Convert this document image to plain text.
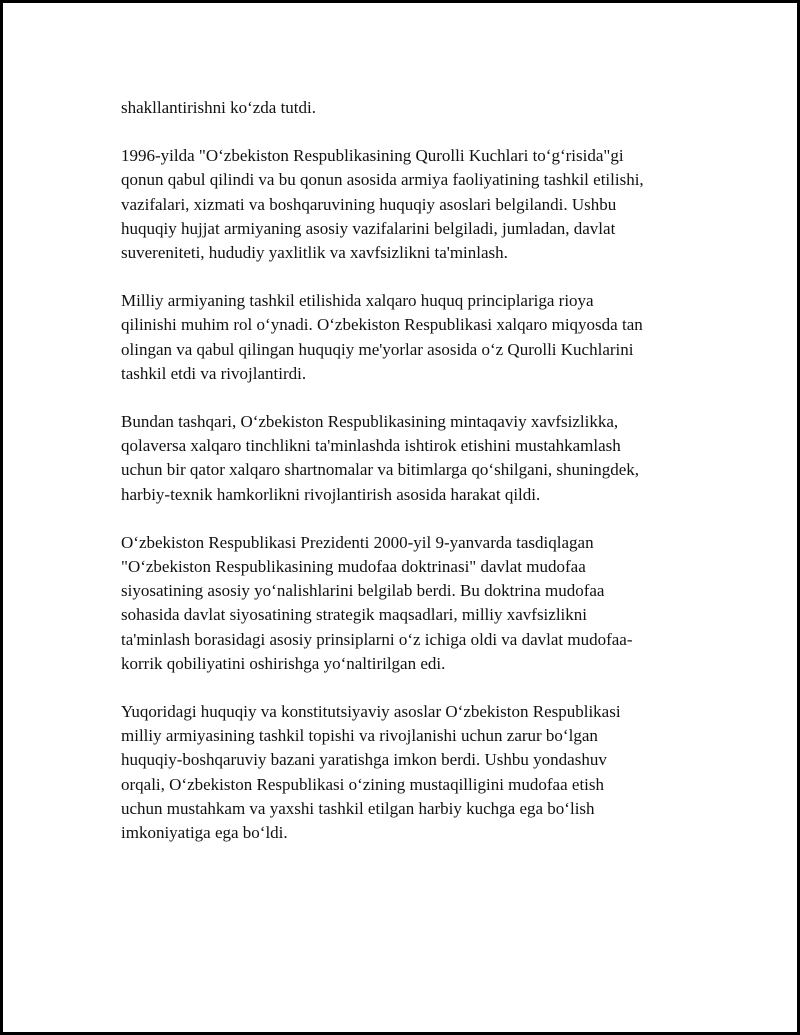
shakllantirishni ko‘zda tutdi.

1996-yilda "O‘zbekiston Respublikasining Qurolli Kuchlari to‘g‘risida"gi
qonun qabul qilindi va bu qonun asosida armiya faoliyatining tashkil etilishi,
vazifalari, xizmati va boshqaruvining huquqiy asoslari belgilandi. Ushbu
huquqiy hujjat armiyaning asosiy vazifalarini belgiladi, jumladan, davlat
suvereniteti, hududiy yaxlitlik va xavfsizlikni ta'minlash.

Milliy armiyaning tashkil etilishida xalqaro huquq principlariga rioya
qilinishi muhim rol o‘ynadi. O‘zbekiston Respublikasi xalqaro miqyosda tan
olingan va qabul qilingan huquqiy me'yorlar asosida o‘z Qurolli Kuchlarini
tashkil etdi va rivojlantirdi.

Bundan tashqari, O‘zbekiston Respublikasining mintaqaviy xavfsizlikka,
qolaversa xalqaro tinchlikni ta'minlashda ishtirok etishini mustahkamlash
uchun bir qator xalqaro shartnomalar va bitimlarga qo‘shilgani, shuningdek,
harbiy-texnik hamkorlikni rivojlantirish asosida harakat qildi.

O‘zbekiston Respublikasi Prezidenti 2000-yil 9-yanvarda tasdiqlagan
"O‘zbekiston Respublikasining mudofaa doktrinasi" davlat mudofaa
siyosatining asosiy yo‘nalishlarini belgilab berdi. Bu doktrina mudofaa
sohasida davlat siyosatining strategik maqsadlari, milliy xavfsizlikni
ta'minlash borasidagi asosiy prinsiplarni o‘z ichiga oldi va davlat mudofaa-
korrik qobiliyatini oshirishga yo‘naltirilgan edi.

Yuqoridagi huquqiy va konstitutsiyaviy asoslar O‘zbekiston Respublikasi
milliy armiyasining tashkil topishi va rivojlanishi uchun zarur bo‘lgan
huquqiy-boshqaruviy bazani yaratishga imkon berdi. Ushbu yondashuv
orqali, O‘zbekiston Respublikasi o‘zining mustaqilligini mudofaa etish
uchun mustahkam va yaxshi tashkil etilgan harbiy kuchga ega bo‘lish
imkoniyatiga ega bo‘ldi.
